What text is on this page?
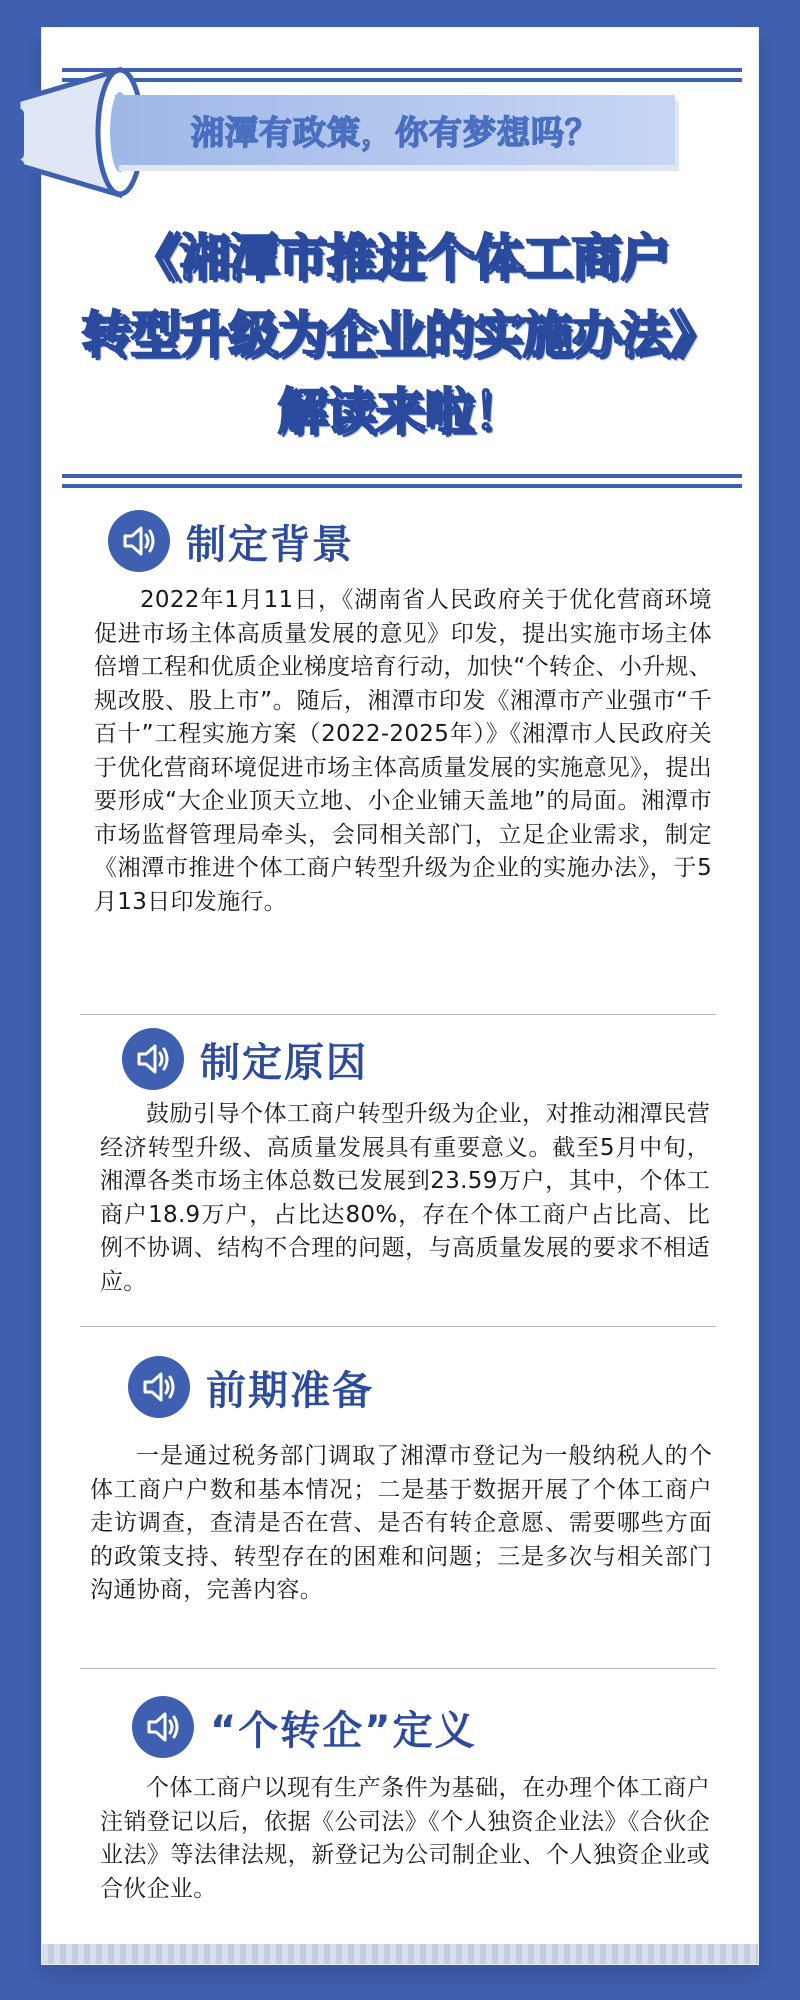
湘潭有政策，你有梦想吗？
《湘潭市推进个体工商户
转型升级为企业的实施办法》
解读来啦！
制定背景
2022年1月11日，《湖南省人民政府关于优化营商环境促进市场主体高质量发展的意见》印发，提出实施市场主体倍增工程和优质企业梯度培育行动，加快“个转企、小升规、规改股、股上市”。随后，湘潭市印发《湘潭市产业强市“千百十”工程实施方案（2022-2025年）》《湘潭市人民政府关于优化营商环境促进市场主体高质量发展的实施意见》，提出要形成“大企业顶天立地、小企业铺天盖地”的局面。湘潭市市场监督管理局牵头，会同相关部门，立足企业需求，制定《湘潭市推进个体工商户转型升级为企业的实施办法》，于5月13日印发施行。
制定原因
鼓励引导个体工商户转型升级为企业，对推动湘潭民营经济转型升级、高质量发展具有重要意义。截至5月中旬，湘潭各类市场主体总数已发展到23.59万户，其中，个体工商户18.9万户，占比达80%，存在个体工商户占比高、比例不协调、结构不合理的问题，与高质量发展的要求不相适应。
前期准备
一是通过税务部门调取了湘潭市登记为一般纳税人的个体工商户户数和基本情况；二是基于数据开展了个体工商户走访调查，查清是否在营、是否有转企意愿、需要哪些方面的政策支持、转型存在的困难和问题；三是多次与相关部门沟通协商，完善内容。
“个转企”定义
个体工商户以现有生产条件为基础，在办理个体工商户注销登记以后，依据《公司法》《个人独资企业法》《合伙企业法》等法律法规，新登记为公司制企业、个人独资企业或合伙企业。
